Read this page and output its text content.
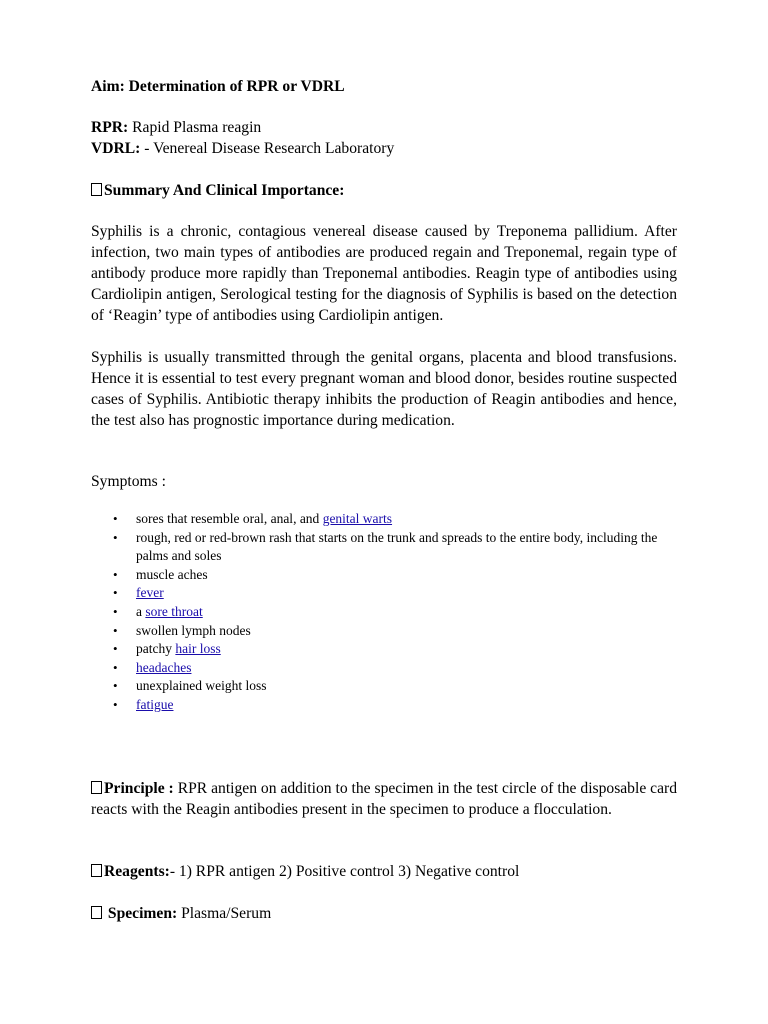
Aim: Determination of RPR or VDRL
RPR: Rapid Plasma reagin
VDRL: - Venereal Disease Research Laboratory
Summary And Clinical Importance:
Syphilis is a chronic, contagious venereal disease caused by Treponema pallidium. After infection, two main types of antibodies are produced regain and Treponemal, regain type of antibody produce more rapidly than Treponemal antibodies. Reagin type of antibodies using Cardiolipin antigen, Serological testing for the diagnosis of Syphilis is based on the detection of ‘Reagin’ type of antibodies using Cardiolipin antigen.
Syphilis is usually transmitted through the genital organs, placenta and blood transfusions. Hence it is essential to test every pregnant woman and blood donor, besides routine suspected cases of Syphilis. Antibiotic therapy inhibits the production of Reagin antibodies and hence, the test also has prognostic importance during medication.
Symptoms :
• sores that resemble oral, anal, and genital warts
• rough, red or red-brown rash that starts on the trunk and spreads to the entire body, including the palms and soles
• muscle aches
• fever
• a sore throat
• swollen lymph nodes
• patchy hair loss
• headaches
• unexplained weight loss
• fatigue
Principle : RPR antigen on addition to the specimen in the test circle of the disposable card reacts with the Reagin antibodies present in the specimen to produce a flocculation.
Reagents:- 1) RPR antigen 2) Positive control 3) Negative control
Specimen: Plasma/Serum
